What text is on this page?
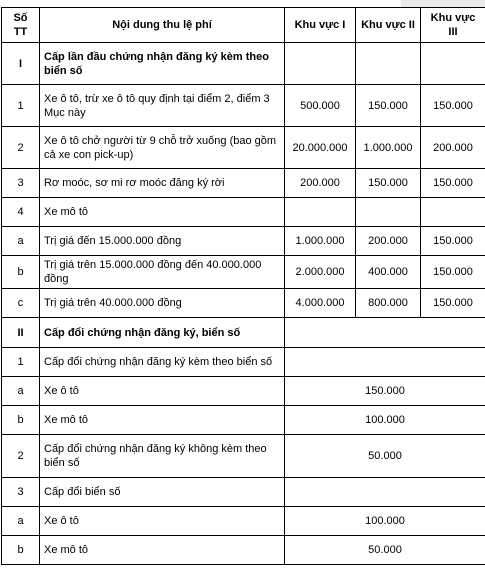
Số TT	Nội dung thu lệ phí	Khu vực I	Khu vực II	Khu vực III
I	Cấp lần đầu chứng nhận đăng ký kèm theo biển số			
1	Xe ô tô, trừ xe ô tô quy định tại điểm 2, điểm 3 Mục này	500.000	150.000	150.000
2	Xe ô tô chở người từ 9 chỗ trở xuống (bao gồm cả xe con pick-up)	20.000.000	1.000.000	200.000
3	Rơ moóc, sơ mi rơ moóc đăng ký rời	200.000	150.000	150.000
4	Xe mô tô			
a	Trị giá đến 15.000.000 đồng	1.000.000	200.000	150.000
b	Trị giá trên 15.000.000 đồng đến 40.000.000 đồng	2.000.000	400.000	150.000
c	Trị giá trên 40.000.000 đồng	4.000.000	800.000	150.000
II	Cấp đổi chứng nhận đăng ký, biển số			
1	Cấp đổi chứng nhận đăng ký kèm theo biển số			
a	Xe ô tô	150.000		
b	Xe mô tô	100.000		
2	Cấp đổi chứng nhận đăng ký không kèm theo biển số	50.000		
3	Cấp đổi biển số			
a	Xe ô tô	100.000		
b	Xe mô tô	50.000		
